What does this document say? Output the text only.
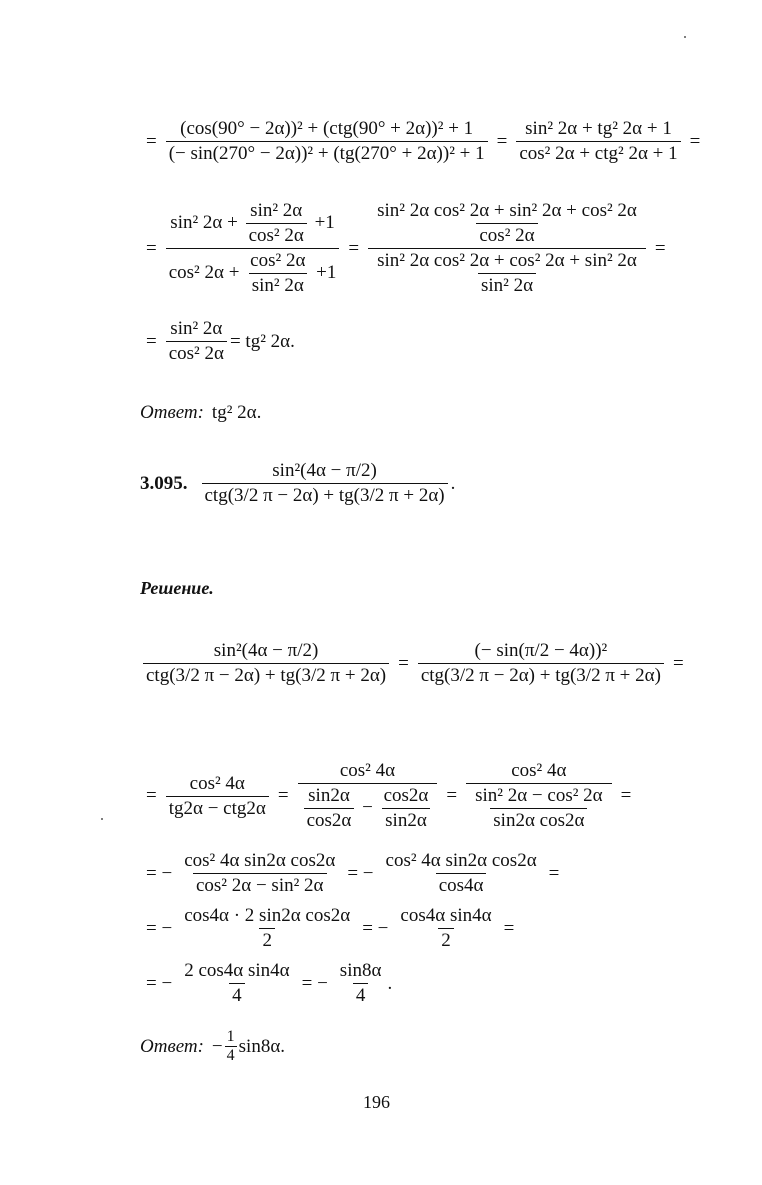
=
(cos(90° − 2α))² + (ctg(90° + 2α))² + 1
(− sin(270° − 2α))² + (tg(270° + 2α))² + 1
=
sin² 2α + tg² 2α + 1
cos² 2α + ctg² 2α + 1
=
=
sin² $2\alpha + \frac{\text{sin² 2α}}{\text{cos² 2α}} +1$
cos² $2\alpha + \frac{\text{cos² 2α}}{\text{sin² 2α}} +1$
= $\frac{\frac{\text{sin² 2α cos² 2α + sin² 2α + cos² 2α}}{\text{cos² 2α}}}{\frac{\text{sin² 2α cos² 2α + cos² 2α + sin² 2α}}{\text{sin² 2α}}}$ =
= $\frac{\text{sin² 2α}}{\text{cos² 2α}} = tg^2$ 2α.
Ответ: tg² 2α.
3.095.
sin²(4α − π/2)
ctg(3/2 π − 2α) + tg(3/2 π + 2α)
.
Решение.
sin²(4α − π/2)
ctg(3/2 π − 2α) + tg(3/2 π + 2α)
=
(− sin(π/2 − 4α))²
ctg(3/2 π − 2α) + tg(3/2 π + 2α)
=
=
cos² 4α
tg2α − ctg2α
=
cos² 4α
$\frac{\sin 2\alpha}{\cos 2\alpha} - \frac{\cos 2\alpha}{\sin 2\alpha} = \frac{\text{cos² 4α}}{\frac{\text{sin² 2α − cos² 2α}}{\text{sin2α cos2α}}}$ =
= − $\frac{\text{cos² 4α sin2α cos2α}}{\text{cos² 2α − sin² 2α}}$ = − $\frac{\text{cos² 4α sin2α cos2α}}{\cos 4\alpha}$ =
= − $\frac{\text{cos4α · 2 sin2α cos2α}}{2}$ = − $\frac{\text{cos4α sin4α}}{2}$ =
= − $\frac{\text{2 cos4α sin4α}}{4}$ = − $\frac{\sin 8\alpha}{4}$ .
Ответ: − $\frac{1}{4} \sin 8\alpha$.
196
